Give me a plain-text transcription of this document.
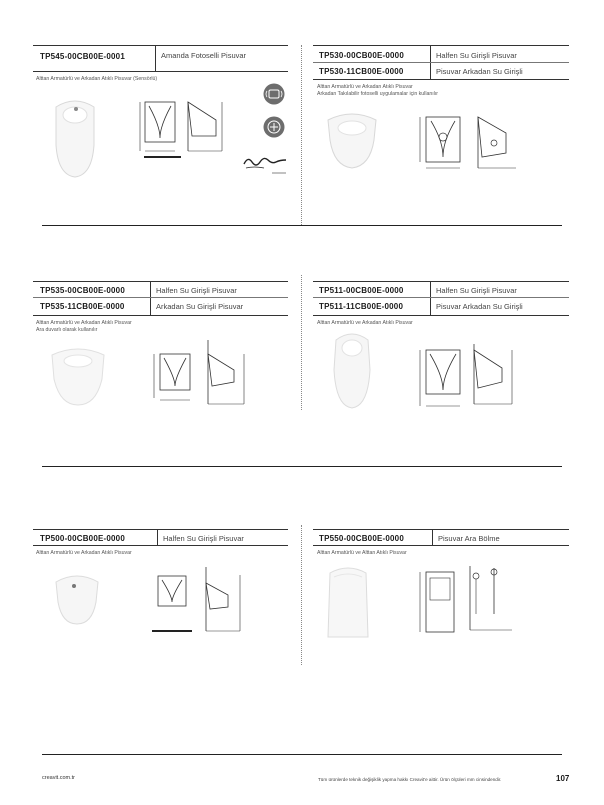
TP545-00CB00E-0001	Amanda Fotoselli Pisuvar
Alttan Armatürlü ve Arkadan Atıklı Pisuvar (Sensörlü)
TP530-00CB00E-0000	Halfen Su Girişli Pisuvar
TP530-11CB00E-0000	Pisuvar Arkadan Su Girişli
Alttan Armatürlü ve Arkadan Atıklı Pisuvar
Arkadan Takılabilir fotoselli uygulamalar için kullanılır
TP535-00CB00E-0000	Halfen Su Girişli Pisuvar
TP535-11CB00E-0000	Arkadan Su Girişli Pisuvar
Alttan Armatürlü ve Arkadan Atıklı Pisuvar
Ara duvarlı olarak kullanılır
TP511-00CB00E-0000	Halfen Su Girişli Pisuvar
TP511-11CB00E-0000	Pisuvar Arkadan Su Girişli
Alttan Armatürlü ve Arkadan Atıklı Pisuvar
TP500-00CB00E-0000	Halfen Su Girişli Pisuvar
Alttan Armatürlü ve Arkadan Atıklı Pisuvar
TP550-00CB00E-0000	Pisuvar Ara Bölme
Alttan Armatürlü ve Alttan Atıklı Pisuvar
creavit.com.tr	Tüm ürünlerde teknik değişiklik yapma hakkı Creavit'e aittir. Ürün ölçüleri mm cinsindendir.	107
